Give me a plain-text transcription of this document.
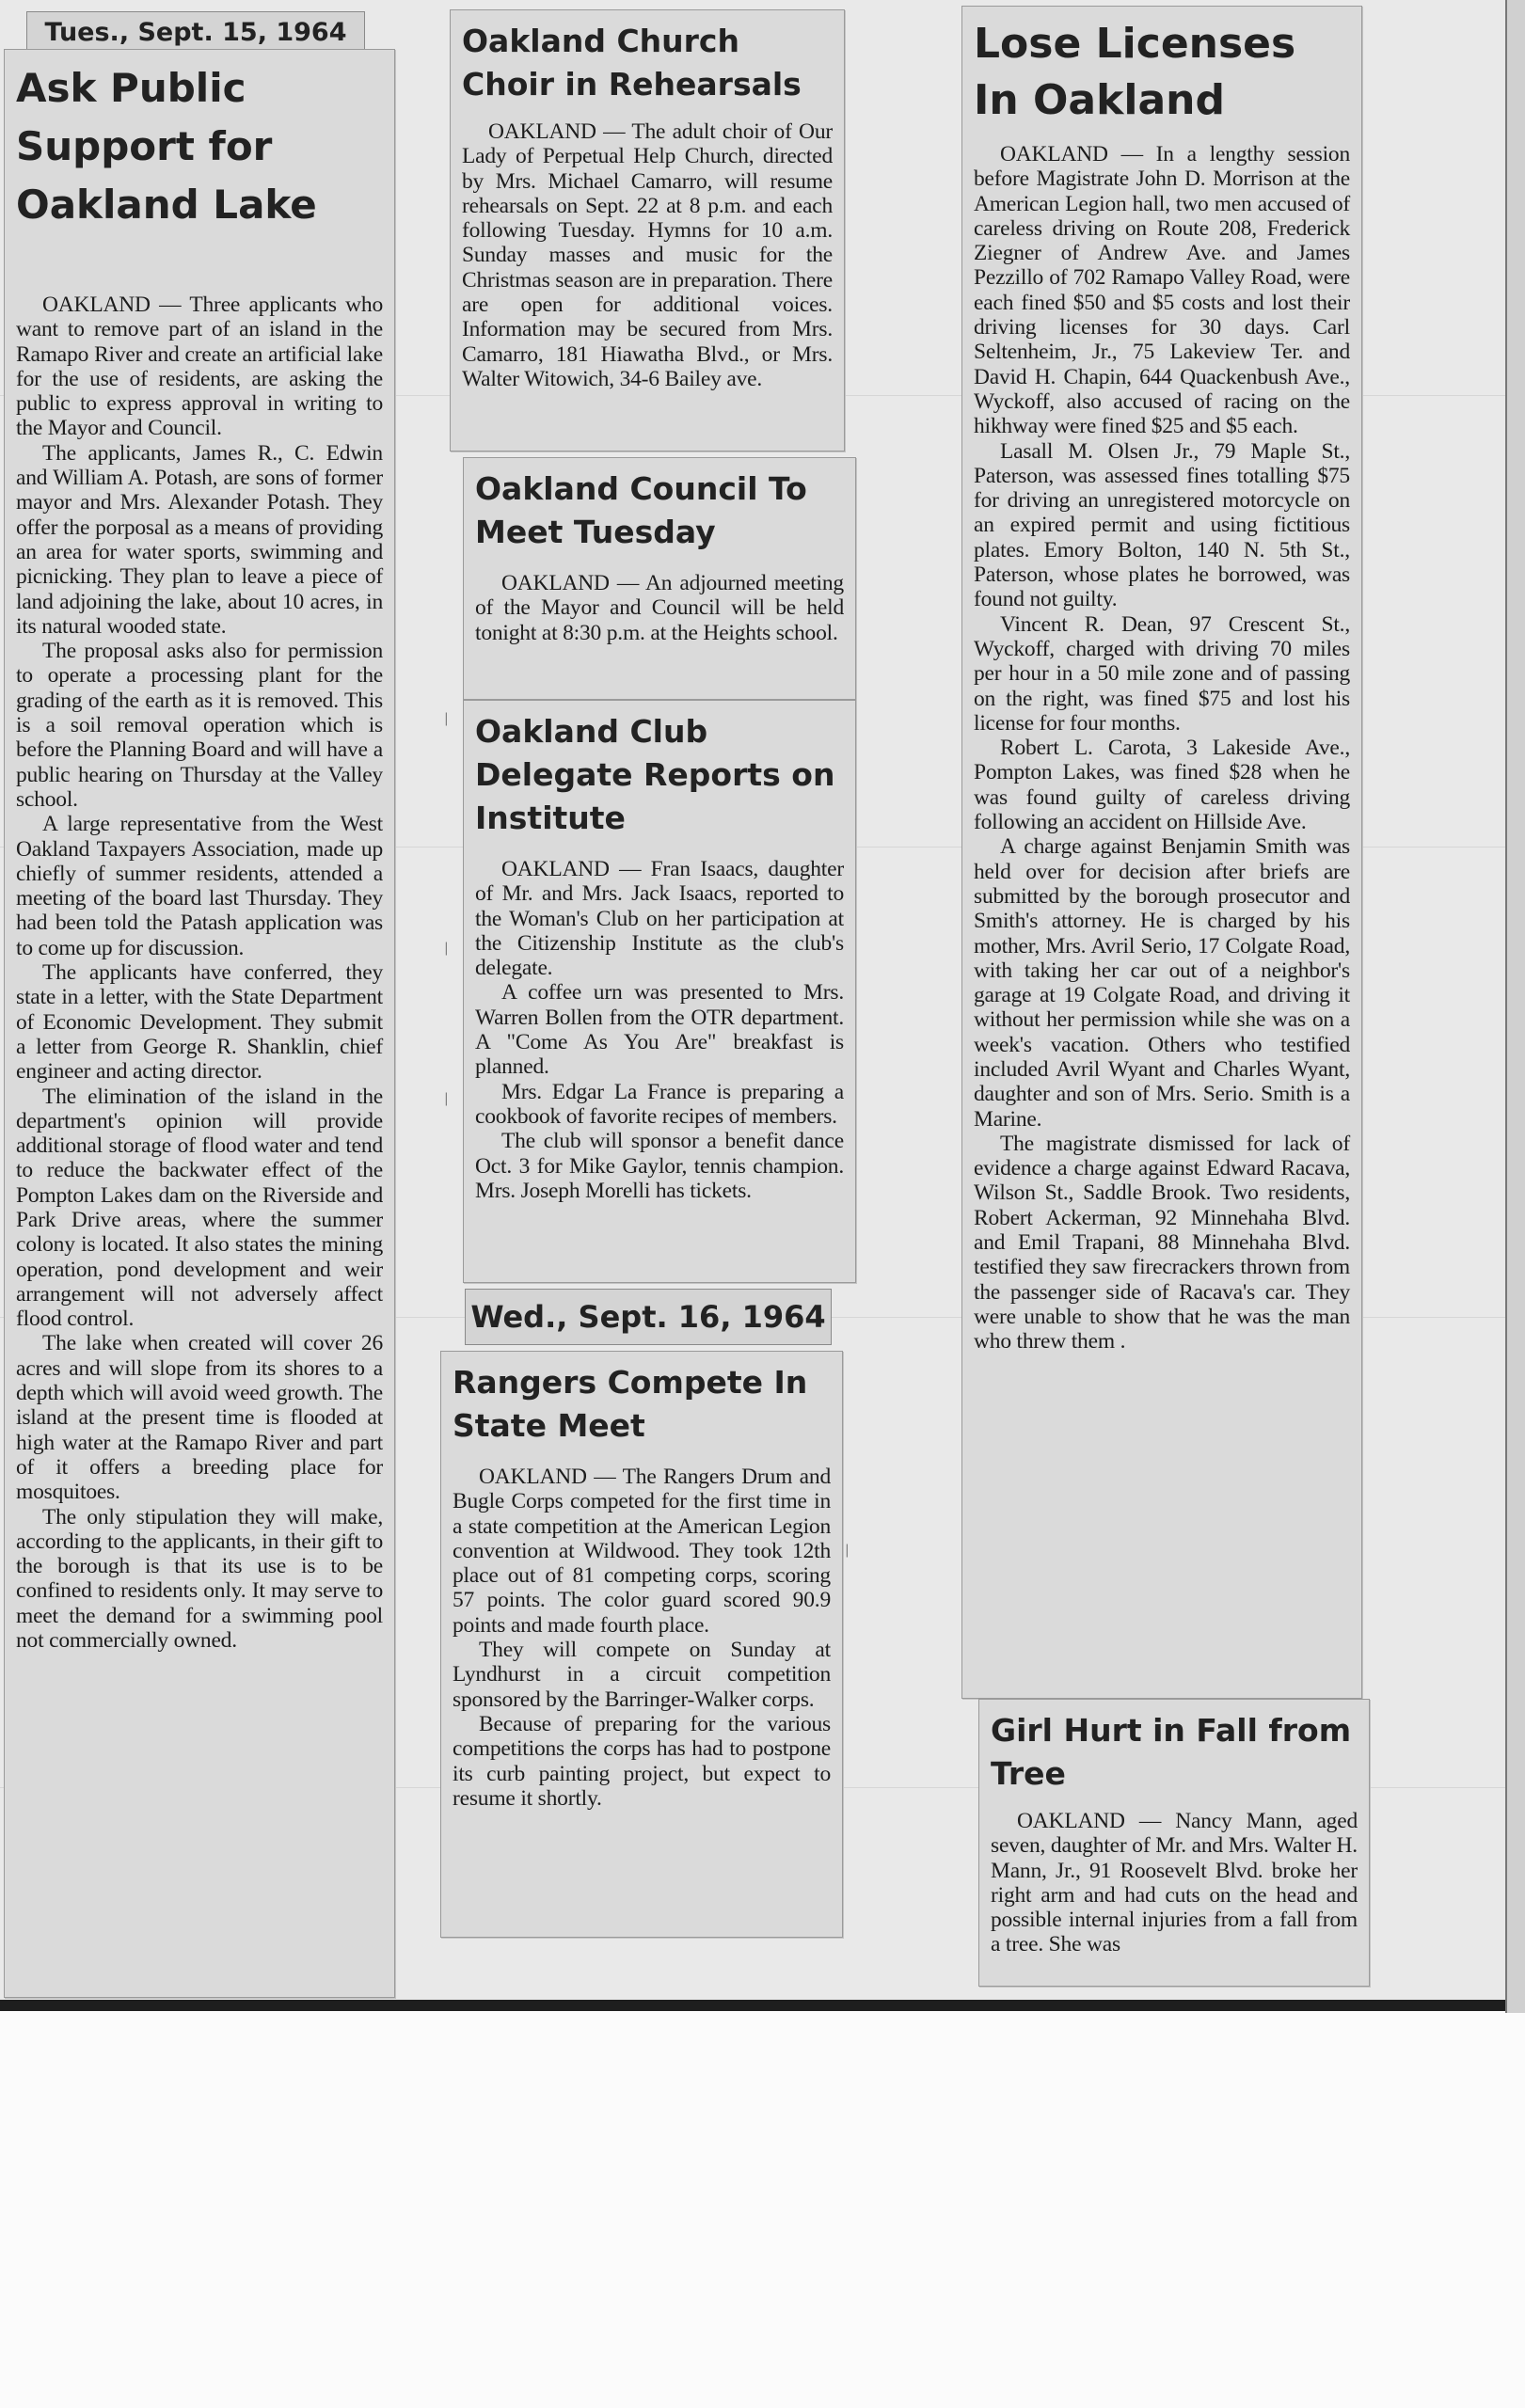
Tues., Sept. 15, 1964
Ask Public Support for Oakland Lake

OAKLAND — Three applicants who want to remove part of an island in the Ramapo River and create an artificial lake for the use of residents, are asking the public to express approval in writing to the Mayor and Council.

The applicants, James R., C. Edwin and William A. Potash, are sons of former mayor and Mrs. Alexander Potash. They offer the porposal as a means of providing an area for water sports, swimming and picnicking. They plan to leave a piece of land adjoining the lake, about 10 acres, in its natural wooded state.

The proposal asks also for permission to operate a processing plant for the grading of the earth as it is removed. This is a soil removal operation which is before the Planning Board and will have a public hearing on Thursday at the Valley school.

A large representative from the West Oakland Taxpayers Association, made up chiefly of summer residents, attended a meeting of the board last Thursday. They had been told the Patash application was to come up for discussion.

The applicants have conferred, they state in a letter, with the State Department of Economic Development. They submit a letter from George R. Shanklin, chief engineer and acting director.

The elimination of the island in the department's opinion will provide additional storage of flood water and tend to reduce the backwater effect of the Pompton Lakes dam on the Riverside and Park Drive areas, where the summer colony is located. It also states the mining operation, pond development and weir arrangement will not adversely affect flood control.

The lake when created will cover 26 acres and will slope from its shores to a depth which will avoid weed growth. The island at the present time is flooded at high water at the Ramapo River and part of it offers a breeding place for mosquitoes.

The only stipulation they will make, according to the applicants, in their gift to the borough is that its use is to be confined to residents only. It may serve to meet the demand for a swimming pool not commercially owned.

Oakland Church Choir in Rehearsals

OAKLAND — The adult choir of Our Lady of Perpetual Help Church, directed by Mrs. Michael Camarro, will resume rehearsals on Sept. 22 at 8 p.m. and each following Tuesday. Hymns for 10 a.m. Sunday masses and music for the Christmas season are in preparation. There are open for additional voices. Information may be secured from Mrs. Camarro, 181 Hiawatha Blvd., or Mrs. Walter Witowich, 34-6 Bailey ave.

Oakland Council To Meet Tuesday

OAKLAND — An adjourned meeting of the Mayor and Council will be held tonight at 8:30 p.m. at the Heights school.

Oakland Club Delegate Reports on Institute

OAKLAND — Fran Isaacs, daughter of Mr. and Mrs. Jack Isaacs, reported to the Woman's Club on her participation at the Citizenship Institute as the club's delegate.

A coffee urn was presented to Mrs. Warren Bollen from the OTR department. A "Come As You Are" breakfast is planned.

Mrs. Edgar La France is preparing a cookbook of favorite recipes of members.

The club will sponsor a benefit dance Oct. 3 for Mike Gaylor, tennis champion. Mrs. Joseph Morelli has tickets.

Wed., Sept. 16, 1964
Rangers Compete In State Meet

OAKLAND — The Rangers Drum and Bugle Corps competed for the first time in a state competition at the American Legion convention at Wildwood. They took 12th place out of 81 competing corps, scoring 57 points. The color guard scored 90.9 points and made fourth place.

They will compete on Sunday at Lyndhurst in a circuit competition sponsored by the Barringer-Walker corps.

Because of preparing for the various competitions the corps has had to postpone its curb painting project, but expect to resume it shortly.

Lose Licenses In Oakland

OAKLAND — In a lengthy session before Magistrate John D. Morrison at the American Legion hall, two men accused of careless driving on Route 208, Frederick Ziegner of Andrew Ave. and James Pezzillo of 702 Ramapo Valley Road, were each fined $50 and $5 costs and lost their driving licenses for 30 days. Carl Seltenheim, Jr., 75 Lakeview Ter. and David H. Chapin, 644 Quackenbush Ave., Wyckoff, also accused of racing on the hikhway were fined $25 and $5 each.

Lasall M. Olsen Jr., 79 Maple St., Paterson, was assessed fines totalling $75 for driving an unregistered motorcycle on an expired permit and using fictitious plates. Emory Bolton, 140 N. 5th St., Paterson, whose plates he borrowed, was found not guilty.

Vincent R. Dean, 97 Crescent St., Wyckoff, charged with driving 70 miles per hour in a 50 mile zone and of passing on the right, was fined $75 and lost his license for four months.

Robert L. Carota, 3 Lakeside Ave., Pompton Lakes, was fined $28 when he was found guilty of careless driving following an accident on Hillside Ave.

A charge against Benjamin Smith was held over for decision after briefs are submitted by the borough prosecutor and Smith's attorney. He is charged by his mother, Mrs. Avril Serio, 17 Colgate Road, with taking her car out of a neighbor's garage at 19 Colgate Road, and driving it without her permission while she was on a week's vacation. Others who testified included Avril Wyant and Charles Wyant, daughter and son of Mrs. Serio. Smith is a Marine.

The magistrate dismissed for lack of evidence a charge against Edward Racava, Wilson St., Saddle Brook. Two residents, Robert Ackerman, 92 Minnehaha Blvd. and Emil Trapani, 88 Minnehaha Blvd. testified they saw firecrackers thrown from the passenger side of Racava's car. They were unable to show that he was the man who threw them .

Girl Hurt in Fall from Tree

OAKLAND — Nancy Mann, aged seven, daughter of Mr. and Mrs. Walter H. Mann, Jr., 91 Roosevelt Blvd. broke her right arm and had cuts on the head and possible internal injuries from a fall from a tree. She was

|
|
|
|
